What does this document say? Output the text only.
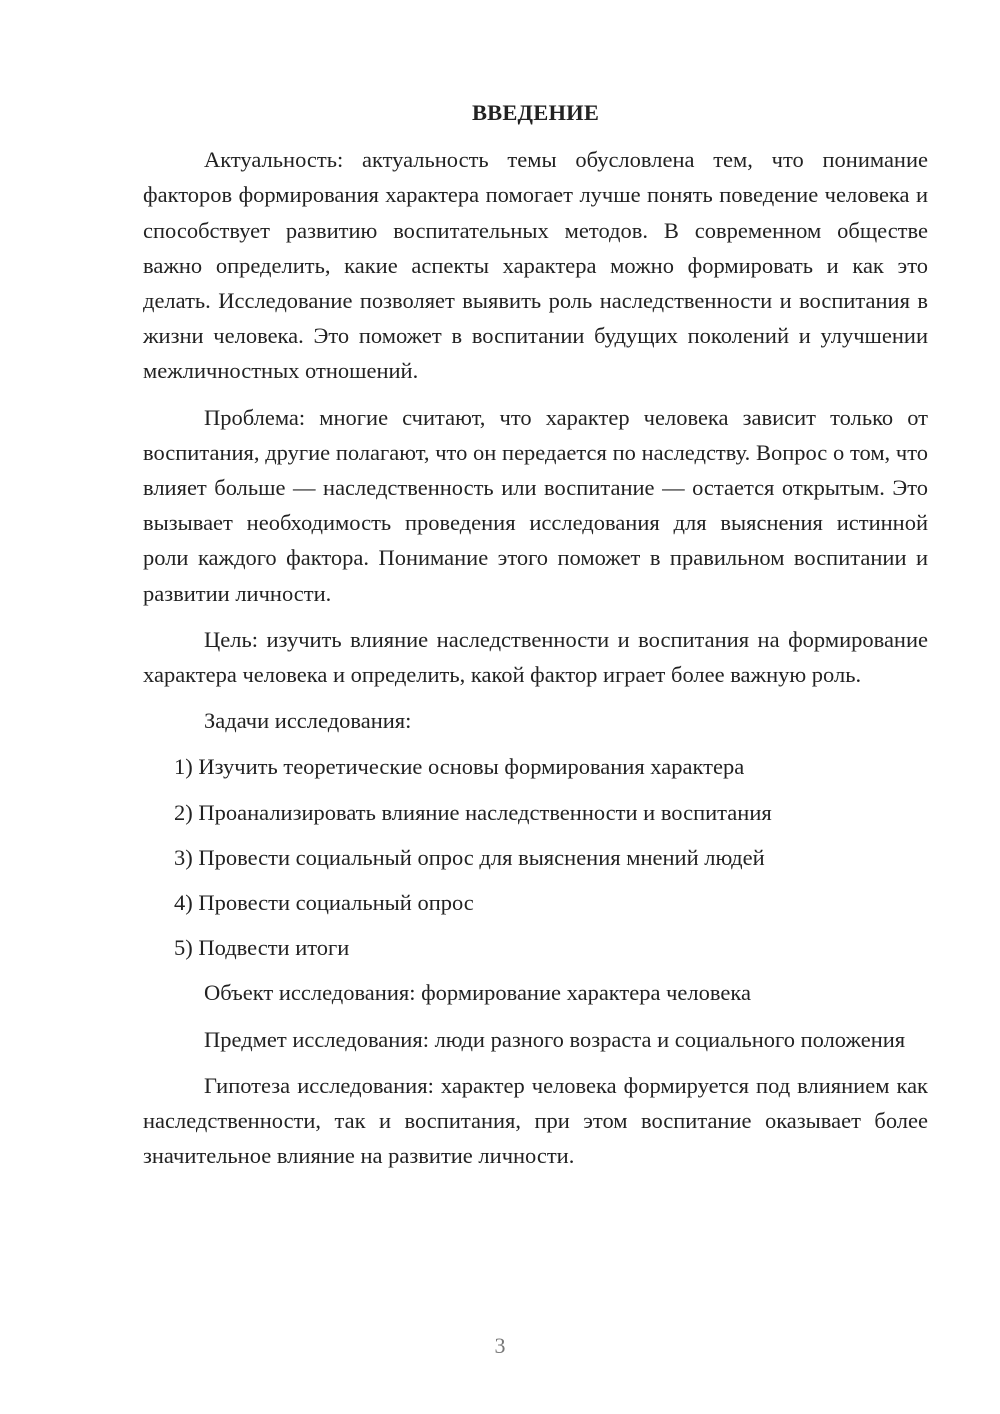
ВВЕДЕНИЕ

Актуальность: актуальность темы обусловлена тем, что понимание факторов формирования характера помогает лучше понять поведение человека и способствует развитию воспитательных методов. В современном обществе важно определить, какие аспекты характера можно формировать и как это делать. Исследование позволяет выявить роль наследственности и воспитания в жизни человека. Это поможет в воспитании будущих поколений и улучшении межличностных отношений.

Проблема: многие считают, что характер человека зависит только от воспитания, другие полагают, что он передается по наследству. Вопрос о том, что влияет больше — наследственность или воспитание — остается открытым. Это вызывает необходимость проведения исследования для выяснения истинной роли каждого фактора. Понимание этого поможет в правильном воспитании и развитии личности.

Цель: изучить влияние наследственности и воспитания на формирование характера человека и определить, какой фактор играет более важную роль.

Задачи исследования:

1) Изучить теоретические основы формирования характера
2) Проанализировать влияние наследственности и воспитания
3) Провести социальный опрос для выяснения мнений людей
4) Провести социальный опрос
5) Подвести итоги

Объект исследования: формирование характера человека

Предмет исследования: люди разного возраста и социального положения

Гипотеза исследования: характер человека формируется под влиянием как наследственности, так и воспитания, при этом воспитание оказывает более значительное влияние на развитие личности.

3
